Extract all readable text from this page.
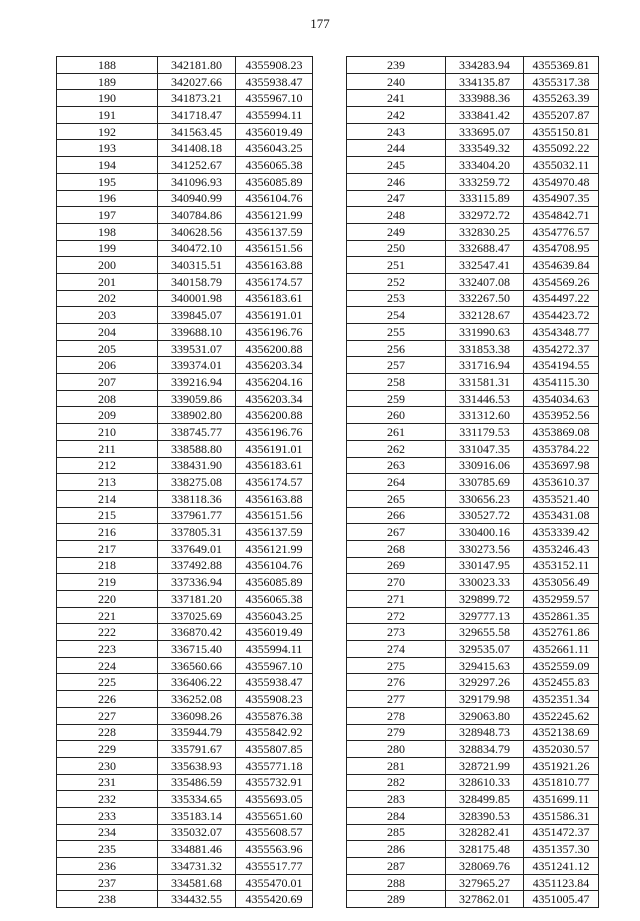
177
188	342181.80	4355908.23
189	342027.66	4355938.47
190	341873.21	4355967.10
191	341718.47	4355994.11
192	341563.45	4356019.49
193	341408.18	4356043.25
194	341252.67	4356065.38
195	341096.93	4356085.89
196	340940.99	4356104.76
197	340784.86	4356121.99
198	340628.56	4356137.59
199	340472.10	4356151.56
200	340315.51	4356163.88
201	340158.79	4356174.57
202	340001.98	4356183.61
203	339845.07	4356191.01
204	339688.10	4356196.76
205	339531.07	4356200.88
206	339374.01	4356203.34
207	339216.94	4356204.16
208	339059.86	4356203.34
209	338902.80	4356200.88
210	338745.77	4356196.76
211	338588.80	4356191.01
212	338431.90	4356183.61
213	338275.08	4356174.57
214	338118.36	4356163.88
215	337961.77	4356151.56
216	337805.31	4356137.59
217	337649.01	4356121.99
218	337492.88	4356104.76
219	337336.94	4356085.89
220	337181.20	4356065.38
221	337025.69	4356043.25
222	336870.42	4356019.49
223	336715.40	4355994.11
224	336560.66	4355967.10
225	336406.22	4355938.47
226	336252.08	4355908.23
227	336098.26	4355876.38
228	335944.79	4355842.92
229	335791.67	4355807.85
230	335638.93	4355771.18
231	335486.59	4355732.91
232	335334.65	4355693.05
233	335183.14	4355651.60
234	335032.07	4355608.57
235	334881.46	4355563.96
236	334731.32	4355517.77
237	334581.68	4355470.01
238	334432.55	4355420.69
239	334283.94	4355369.81
240	334135.87	4355317.38
241	333988.36	4355263.39
242	333841.42	4355207.87
243	333695.07	4355150.81
244	333549.32	4355092.22
245	333404.20	4355032.11
246	333259.72	4354970.48
247	333115.89	4354907.35
248	332972.72	4354842.71
249	332830.25	4354776.57
250	332688.47	4354708.95
251	332547.41	4354639.84
252	332407.08	4354569.26
253	332267.50	4354497.22
254	332128.67	4354423.72
255	331990.63	4354348.77
256	331853.38	4354272.37
257	331716.94	4354194.55
258	331581.31	4354115.30
259	331446.53	4354034.63
260	331312.60	4353952.56
261	331179.53	4353869.08
262	331047.35	4353784.22
263	330916.06	4353697.98
264	330785.69	4353610.37
265	330656.23	4353521.40
266	330527.72	4353431.08
267	330400.16	4353339.42
268	330273.56	4353246.43
269	330147.95	4353152.11
270	330023.33	4353056.49
271	329899.72	4352959.57
272	329777.13	4352861.35
273	329655.58	4352761.86
274	329535.07	4352661.11
275	329415.63	4352559.09
276	329297.26	4352455.83
277	329179.98	4352351.34
278	329063.80	4352245.62
279	328948.73	4352138.69
280	328834.79	4352030.57
281	328721.99	4351921.26
282	328610.33	4351810.77
283	328499.85	4351699.11
284	328390.53	4351586.31
285	328282.41	4351472.37
286	328175.48	4351357.30
287	328069.76	4351241.12
288	327965.27	4351123.84
289	327862.01	4351005.47
